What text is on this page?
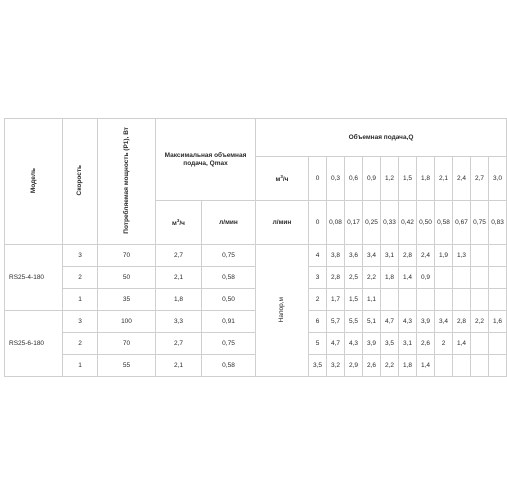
Модель	Скорость	Потребляемая мощность (P1), Вт	Максимальная объемная подача, Qmax		Объемная подача,Q											
					$м^3/ч$	0	0,3	0,6	0,9	1,2	1,5	1,8	2,1	2,4	2,7	3,0
			$м^3/ч$	л/мин	л/мин	0	0,08	0,17	0,25	0,33	0,42	0,50	0,58	0,67	0,75	0,83
RS25-4-180	3	70	2,7	0,75	Напор,м	4	3,8	3,6	3,4	3,1	2,8	2,4	1,9	1,3		
	2	50	2,1	0,58		3	2,8	2,5	2,2	1,8	1,4	0,9				
	1	35	1,8	0,50		2	1,7	1,5	1,1							
RS25-6-180	3	100	3,3	0,91		6	5,7	5,5	5,1	4,7	4,3	3,9	3,4	2,8	2,2	1,6
	2	70	2,7	0,75		5	4,7	4,3	3,9	3,5	3,1	2,6	2	1,4		
	1	55	2,1	0,58		3,5	3,2	2,9	2,6	2,2	1,8	1,4				
